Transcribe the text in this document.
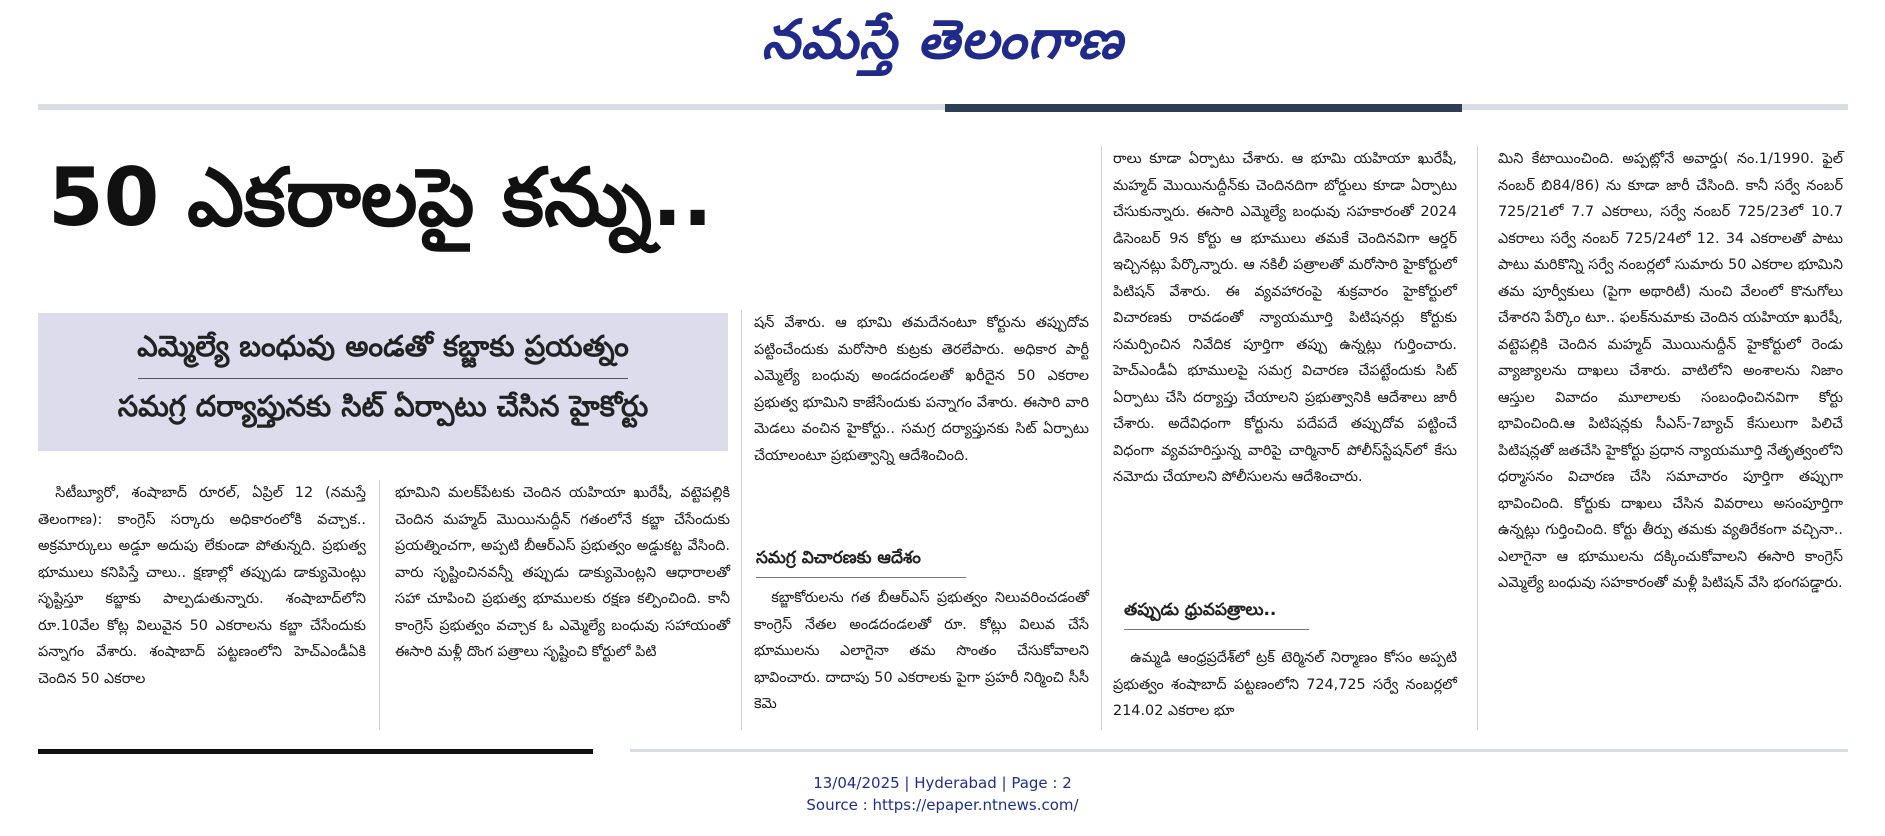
నమస్తే తెలంగాణ
50 ఎకరాలపై కన్ను..
ఎమ్మెల్యే బంధువు అండతో కబ్జాకు ప్రయత్నం
సమగ్ర దర్యాప్తునకు సిట్ ఏర్పాటు చేసిన హైకోర్టు

సిటీబ్యూరో, శంషాబాద్ రూరల్, ఏప్రిల్ 12 (నమస్తే తెలంగాణ): కాంగ్రెస్ సర్కారు అధికారంలోకి వచ్చాక.. అక్రమార్కులు అడ్డూ అదుపు లేకుండా పోతున్నది. ప్రభుత్వ భూములు కనిపిస్తే చాలు.. క్షణాల్లో తప్పుడు డాక్యుమెంట్లు సృష్టిస్తూ కబ్జాకు పాల్పడుతున్నారు. శంషాబాద్‌లోని రూ.10వేల కోట్ల విలువైన 50 ఎకరాలను కబ్జా చేసేందుకు పన్నాగం వేశారు. శంషాబాద్ పట్టణంలోని హెచ్‌ఎండీఏకి చెందిన 50 ఎకరాల

భూమిని మలక్‌పేటకు చెందిన యహియా ఖురేషీ, వట్టెపల్లికి చెందిన మహ్మద్ మొయినుద్దీన్ గతంలోనే కబ్జా చేసేందుకు ప్రయత్నించగా, అప్పటి బీఆర్‌ఎస్ ప్రభుత్వం అడ్డుకట్ట వేసింది. వారు సృష్టించినవన్నీ తప్పుడు డాక్యుమెంట్లని ఆధారాలతో సహా చూపించి ప్రభుత్వ భూములకు రక్షణ కల్పించింది. కానీ కాంగ్రెస్ ప్రభుత్వం వచ్చాక ఓ ఎమ్మెల్యే బంధువు సహాయంతో ఈసారి మళ్లీ దొంగ పత్రాలు సృష్టించి కోర్టులో పిటి

షన్ వేశారు. ఆ భూమి తమదేనంటూ కోర్టును తప్పుదోవ పట్టించేందుకు మరోసారి కుట్రకు తెరలేపారు. అధికార పార్టీ ఎమ్మెల్యే బంధువు అండదండలతో ఖరీదైన 50 ఎకరాల ప్రభుత్వ భూమిని కాజేసేందుకు పన్నాగం వేశారు. ఈసారి వారి మెడలు వంచిన హైకోర్టు.. సమగ్ర దర్యాప్తునకు సిట్ ఏర్పాటు చేయాలంటూ ప్రభుత్వాన్ని ఆదేశించింది.

సమగ్ర విచారణకు ఆదేశం

కబ్జాకోరులను గత బీఆర్‌ఎస్ ప్రభుత్వం నిలువరించడంతో కాంగ్రెస్ నేతల అండదండలతో రూ. కోట్లు విలువ చేసే భూములను ఎలాగైనా తమ సొంతం చేసుకోవాలని భావించారు. దాదాపు 50 ఎకరాలకు పైగా ప్రహరీ నిర్మించి సీసీ కెమె

రాలు కూడా ఏర్పాటు చేశారు. ఆ భూమి యహియా ఖురేషీ, మహ్మద్ మొయినుద్దీన్‌కు చెందినదిగా బోర్డులు కూడా ఏర్పాటు చేసుకున్నారు. ఈసారి ఎమ్మెల్యే బంధువు సహకారంతో 2024 డిసెంబర్ 9న కోర్టు ఆ భూములు తమకే చెందినవిగా ఆర్డర్ ఇచ్చినట్లు పేర్కొన్నారు. ఆ నకిలీ పత్రాలతో మరోసారి హైకోర్టులో పిటిషన్ వేశారు. ఈ వ్యవహారంపై శుక్రవారం హైకోర్టులో విచారణకు రావడంతో న్యాయమూర్తి పిటిషనర్లు కోర్టుకు సమర్పించిన నివేదిక పూర్తిగా తప్పు ఉన్నట్లు గుర్తించారు. హెచ్‌ఎండీఏ భూములపై సమగ్ర విచారణ చేపట్టేందుకు సిట్ ఏర్పాటు చేసి దర్యాప్తు చేయాలని ప్రభుత్వానికి ఆదేశాలు జారీ చేశారు. అదేవిధంగా కోర్టును పదేపదే తప్పుదోవ పట్టించే విధంగా వ్యవహరిస్తున్న వారిపై చార్మినార్ పోలీస్‌స్టేషన్‌లో కేసు నమోదు చేయాలని పోలీసులను ఆదేశించారు.

తప్పుడు ధ్రువపత్రాలు..

ఉమ్మడి ఆంధ్రప్రదేశ్‌లో ట్రక్ టెర్మినల్ నిర్మాణం కోసం అప్పటి ప్రభుత్వం శంషాబాద్ పట్టణంలోని 724,725 సర్వే నంబర్లలో 214.02 ఎకరాల భూ

మిని కేటాయించింది. అప్పట్లోనే అవార్డు( నం.1/1990. ఫైల్ నంబర్ బి84/86) ను కూడా జారీ చేసింది. కానీ సర్వే నంబర్ 725/21లో 7.7 ఎకరాలు, సర్వే నంబర్ 725/23లో 10.7 ఎకరాలు సర్వే నంబర్ 725/24లో 12. 34 ఎకరాలతో పాటు పాటు మరికొన్ని సర్వే నంబర్లలో సుమారు 50 ఎకరాల భూమిని తమ పూర్వీకులు (పైగా అథారిటీ) నుంచి వేలంలో కొనుగోలు చేశారని పేర్కొం టూ.. ఫలక్‌నుమాకు చెందిన యహియా ఖురేషీ, వట్టెపల్లికి చెందిన మహ్మద్ మొయినుద్దీన్ హైకోర్టులో రెండు వ్యాజ్యాలను దాఖలు చేశారు. వాటిలోని అంశాలను నిజాం ఆస్తుల వివాదం మూలాలకు సంబంధించినవిగా కోర్టు భావించింది.ఆ పిటిషన్లకు సీఎస్-7బ్యాచ్ కేసులుగా పిలిచే పిటిషన్లతో జతచేసి హైకోర్టు ప్రధాన న్యాయమూర్తి నేతృత్వంలోని ధర్మాసనం విచారణ చేసి సమాచారం పూర్తిగా తప్పుగా భావించింది. కోర్టుకు దాఖలు చేసిన వివరాలు అసంపూర్తిగా ఉన్నట్లు గుర్తించింది. కోర్టు తీర్పు తమకు వ్యతిరేకంగా వచ్చినా.. ఎలాగైనా ఆ భూములను దక్కించుకోవాలని ఈసారి కాంగ్రెస్ ఎమ్మెల్యే బంధువు సహకారంతో మళ్లీ పిటిషన్ వేసి భంగపడ్డారు.

13/04/2025 | Hyderabad | Page : 2
Source : https://epaper.ntnews.com/
